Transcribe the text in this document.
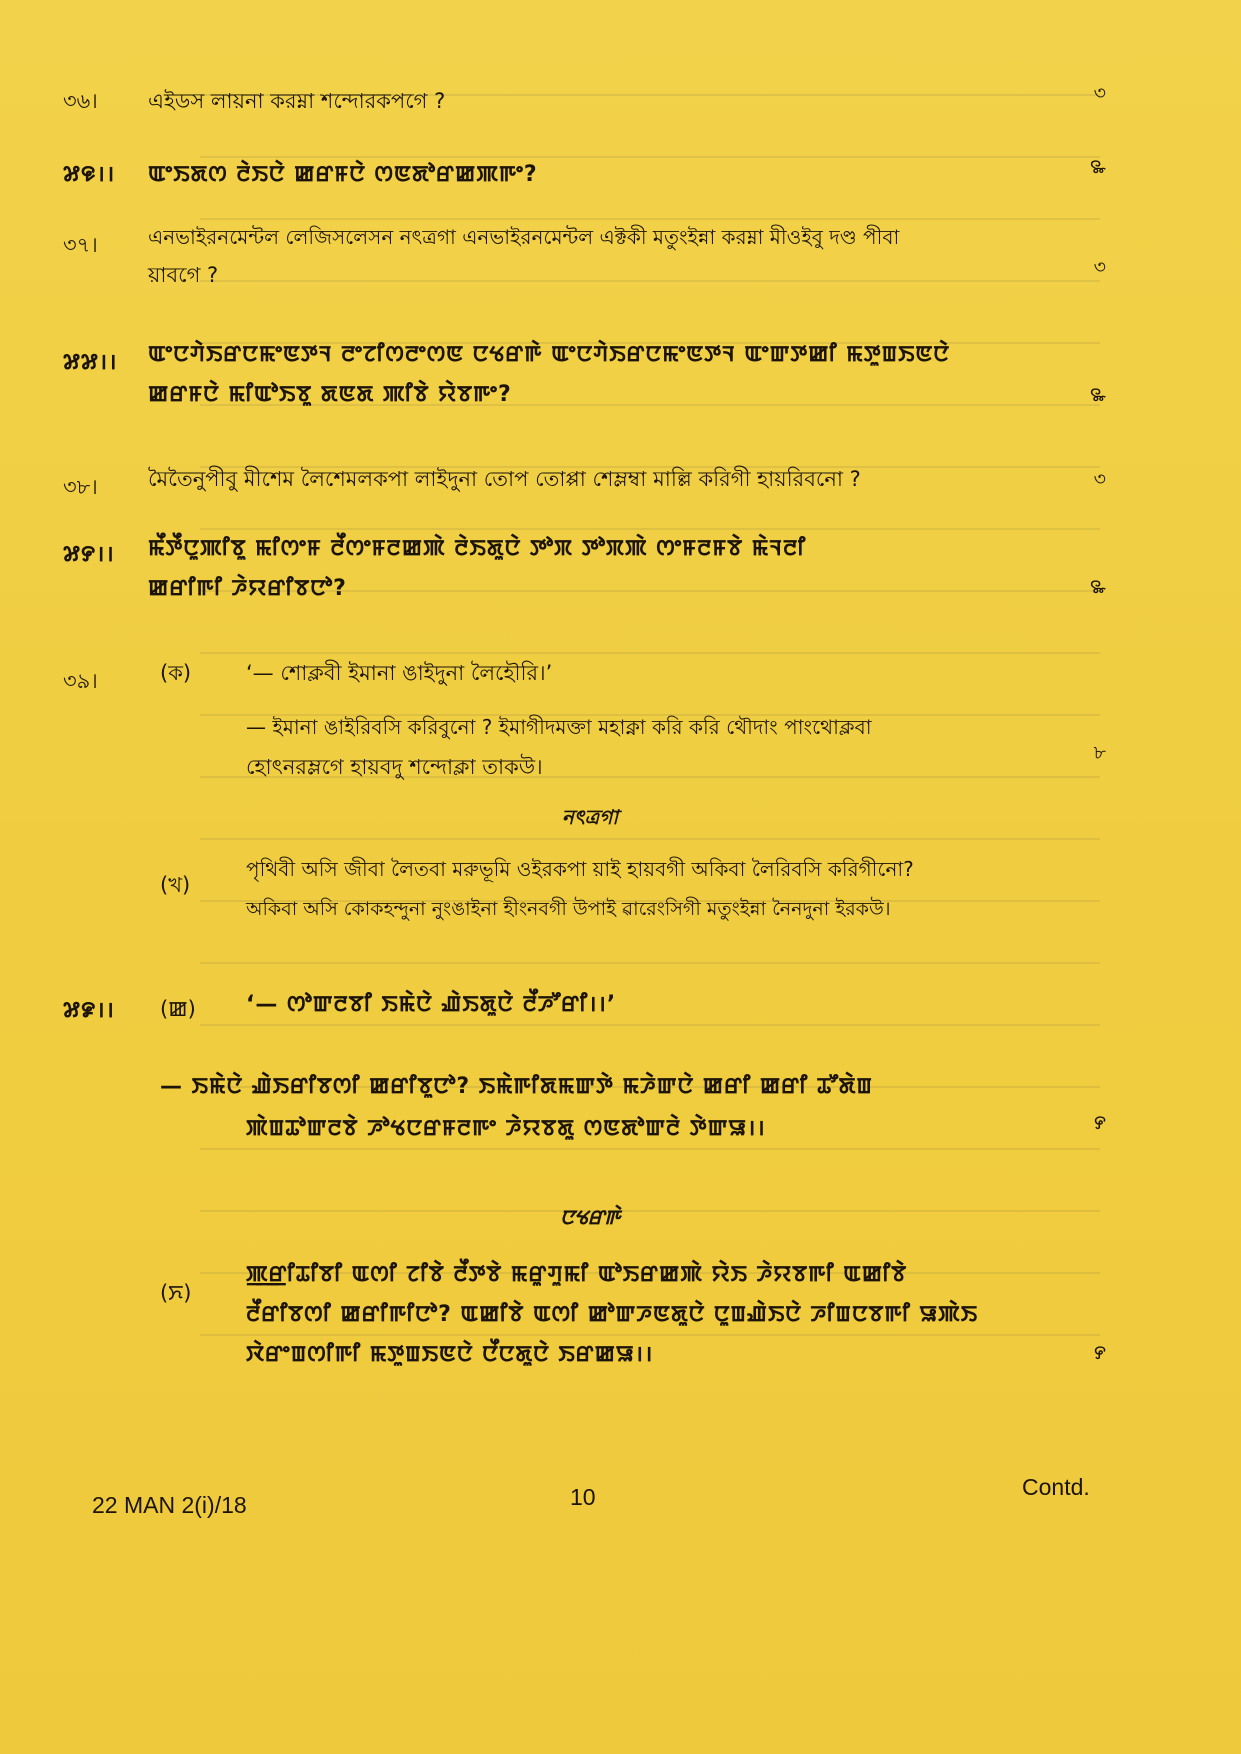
৩৬।	এইডস লায়না করম্না শন্দোরকপগে ?	৩
꯷꯶।।	ꯑꯦꯏꯗꯁ ꯂꯥꯏꯅꯥ ꯀꯔꯝꯅꯥ ꯁꯟꯗꯣꯔꯀꯄꯒꯦ?	꯳
৩৭।	এনভাইরনমেন্টল লেজিসলেসন নৎত্রগা এনভাইরনমেন্টল এক্টকী মতুংইন্না করম্না মীওইবু দণ্ড পীবা
য়াবগে ?	৩
꯷꯷।।	ꯑꯦꯅꯚꯥꯏꯔꯅꯃꯦꯟꯇꯜ ꯂꯦꯖꯤꯁꯂꯦꯁꯟ ꯅꯠꯔꯒꯥ ꯑꯦꯅꯚꯥꯏꯔꯅꯃꯦꯟꯇꯜ ꯑꯦꯛꯇꯀꯤ ꯃꯇꯨꯡꯏꯟꯅꯥ
ꯀꯔꯝꯅꯥ ꯃꯤꯑꯣꯏꯕꯨ ꯗꯟꯗ ꯄꯤꯕꯥ ꯌꯥꯕꯒꯦ?	꯳
৩৮।	মৈতৈনুপীবু মীশেম লৈশেমলকপা লাইদুনা তোপ তোপ্পা শেম্লম্বা মাল্লি করিগী হায়রিবনো ?	৩
꯷꯸।।	ꯃꯩꯇꯩꯅꯨꯄꯤꯕꯨ ꯃꯤꯁꯦꯝ ꯂꯩꯁꯦꯝꯂꯀꯄꯥ ꯂꯥꯏꯗꯨꯅꯥ ꯇꯣꯞ ꯇꯣꯞꯄꯥ ꯁꯦꯝꯂꯝꯕꯥ ꯃꯥꯜꯂꯤ
ꯀꯔꯤꯒꯤ ꯍꯥꯌꯔꯤꯕꯅꯣ?	꯳
৩৯।	(ক)	‘— শোক্লবী ইমানা ঙাইদুনা লৈহৌরি।’
— ইমানা ঙাইরিবসি করিবুনো ? ইমাগীদমক্তা মহাক্না করি করি থৌদাং পাংথোক্লবা
হোৎনরম্লগে হায়বদু শন্দোক্লা তাকউ।
৮
নৎত্রগা
(খ)
পৃথিবী অসি জীবা লৈতবা মরুভূমি ওইরকপা য়াই হায়বগী অকিবা লৈরিবসি করিগীনো?
অকিবা অসি কোকহন্দুনা নুংঙাইনা হীংনবগী উপাই ৱারেংসিগী মতুংইন্না নৈনদুনা ইরকউ।
꯷꯹।।	(ꯀ) ‘— ꯁꯣꯛꯂꯕꯤ ꯏꯃꯥꯅꯥ ꯉꯥꯏꯗꯨꯅꯥ ꯂꯩꯍꯧꯔꯤ।।’
— ꯏꯃꯥꯅꯥ ꯉꯥꯏꯔꯤꯕꯁꯤ ꯀꯔꯤꯕꯨꯅꯣ? ꯏꯃꯥꯒꯤꯗꯃꯛꯇꯥ ꯃꯍꯥꯛꯅꯥ ꯀꯔꯤ ꯀꯔꯤ ꯊꯧꯗꯥꯡ
ꯄꯥꯡꯊꯣꯛꯂꯕꯥ ꯍꯣꯠꯅꯔꯝꯂꯒꯦ ꯍꯥꯌꯕꯗꯨ ꯁꯟꯗꯣꯛꯂꯥ ꯇꯥꯛꯎ।।	꯸
ꯅꯠꯔꯒꯥ
(ꯈ)
ꯄ꯭ꯔꯤꯊꯤꯕꯤ ꯑꯁꯤ ꯖꯤꯕꯥ ꯂꯩꯇꯕꯥ ꯃꯔꯨꯚꯨꯃꯤ ꯑꯣꯏꯔꯀꯄꯥ ꯌꯥꯏ ꯍꯥꯌꯕꯒꯤ ꯑꯀꯤꯕꯥ
ꯂꯩꯔꯤꯕꯁꯤ ꯀꯔꯤꯒꯤꯅꯣ? ꯑꯀꯤꯕꯥ ꯑꯁꯤ ꯀꯣꯛꯍꯟꯗꯨꯅꯥ ꯅꯨꯡꯉꯥꯏꯅꯥ ꯍꯤꯡꯅꯕꯒꯤ ꯎꯄꯥꯏ
ꯋꯥꯔꯦꯡꯁꯤꯒꯤ ꯃꯇꯨꯡꯏꯟꯅꯥ ꯅꯩꯅꯗꯨꯅꯥ ꯏꯔꯀꯎ।।	꯸
22 MAN 2(i)/18	10	Contd.
